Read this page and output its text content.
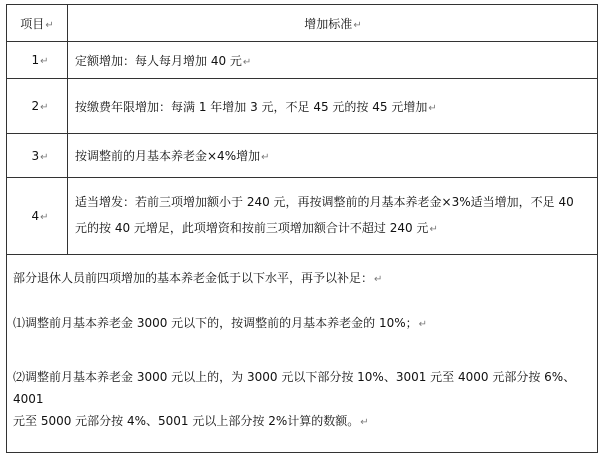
项目↵	增加标准↵
1↵	定额增加：每人每月增加 40 元↵
2↵	按缴费年限增加：每满 1 年增加 3 元，不足 45 元的按 45 元增加↵
3↵	按调整前的月基本养老金×4%增加↵
4↵	适当增发：若前三项增加额小于 240 元，再按调整前的月基本养老金×3%适当增加，不足 40
元的按 40 元增足，此项增资和按前三项增加额合计不超过 240 元↵

部分退休人员前四项增加的基本养老金低于以下水平，再予以补足：↵

⑴调整前月基本养老金 3000 元以下的，按调整前的月基本养老金的 10%；↵

⑵调整前月基本养老金 3000 元以上的，为 3000 元以下部分按 10%、3001 元至 4000 元部分按 6%、4001
元至 5000 元部分按 4%、5001 元以上部分按 2%计算的数额。↵	
